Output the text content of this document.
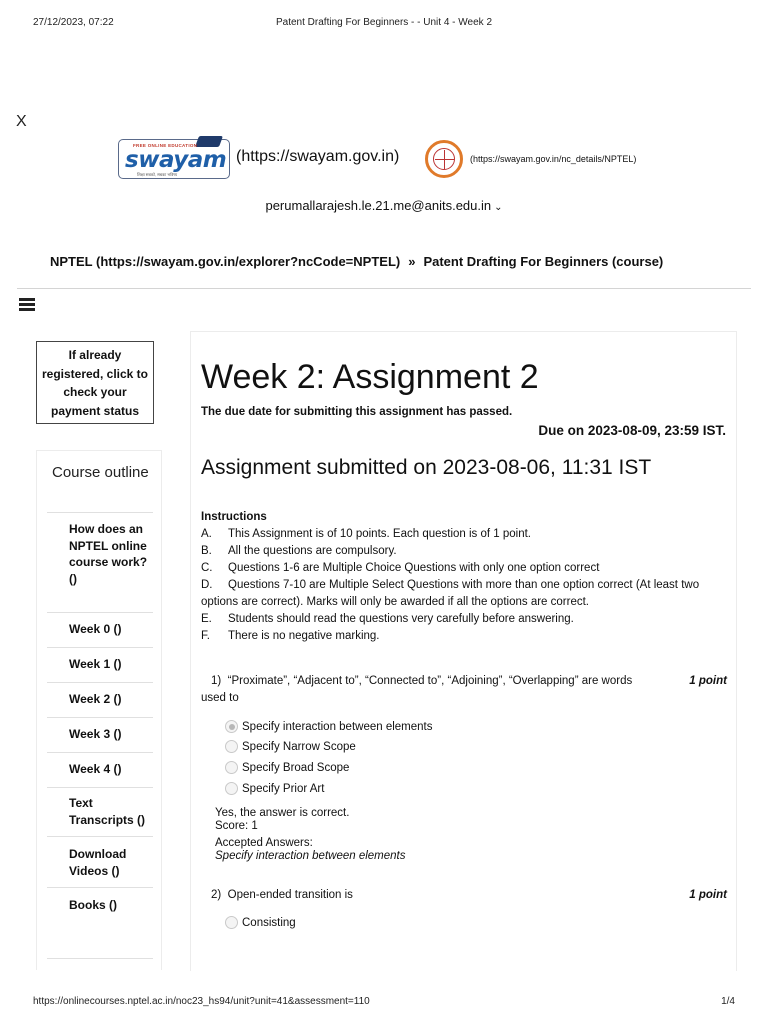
27/12/2023, 07:22	Patent Drafting For Beginners - - Unit 4 - Week 2
X
FREE ONLINE EDUCATION
swayam
शिक्षा सबको, सबका भविष्य
(https://swayam.gov.in)	(https://swayam.gov.in/nc_details/NPTEL)
perumallarajesh.le.21.me@anits.edu.in ⌄
NPTEL (https://swayam.gov.in/explorer?ncCode=NPTEL) » Patent Drafting For Beginners (course)
If already registered, click to check your payment status
Course outline
How does an NPTEL online course work? ()
Week 0 ()
Week 1 ()
Week 2 ()
Week 3 ()
Week 4 ()
Text Transcripts ()
Download Videos ()
Books ()
Week 2: Assignment 2
The due date for submitting this assignment has passed.
Due on 2023-08-09, 23:59 IST.
Assignment submitted on 2023-08-06, 11:31 IST
Instructions
A.	This Assignment is of 10 points. Each question is of 1 point.
B.	All the questions are compulsory.
C.	Questions 1-6 are Multiple Choice Questions with only one option correct
D. Questions 7-10 are Multiple Select Questions with more than one option correct (At least two options are correct). Marks will only be awarded if all the options are correct.
E.	Students should read the questions very carefully before answering.
F.	There is no negative marking.
1 point
1) “Proximate”, “Adjacent to”, “Connected to”, “Adjoining”, “Overlapping” are words used to
Specify interaction between elements
Specify Narrow Scope
Specify Broad Scope
Specify Prior Art
Yes, the answer is correct.
Score: 1
Accepted Answers:
Specify interaction between elements
1 point
2) Open-ended transition is
Consisting
https://onlinecourses.nptel.ac.in/noc23_hs94/unit?unit=41&assessment=110	1/4
